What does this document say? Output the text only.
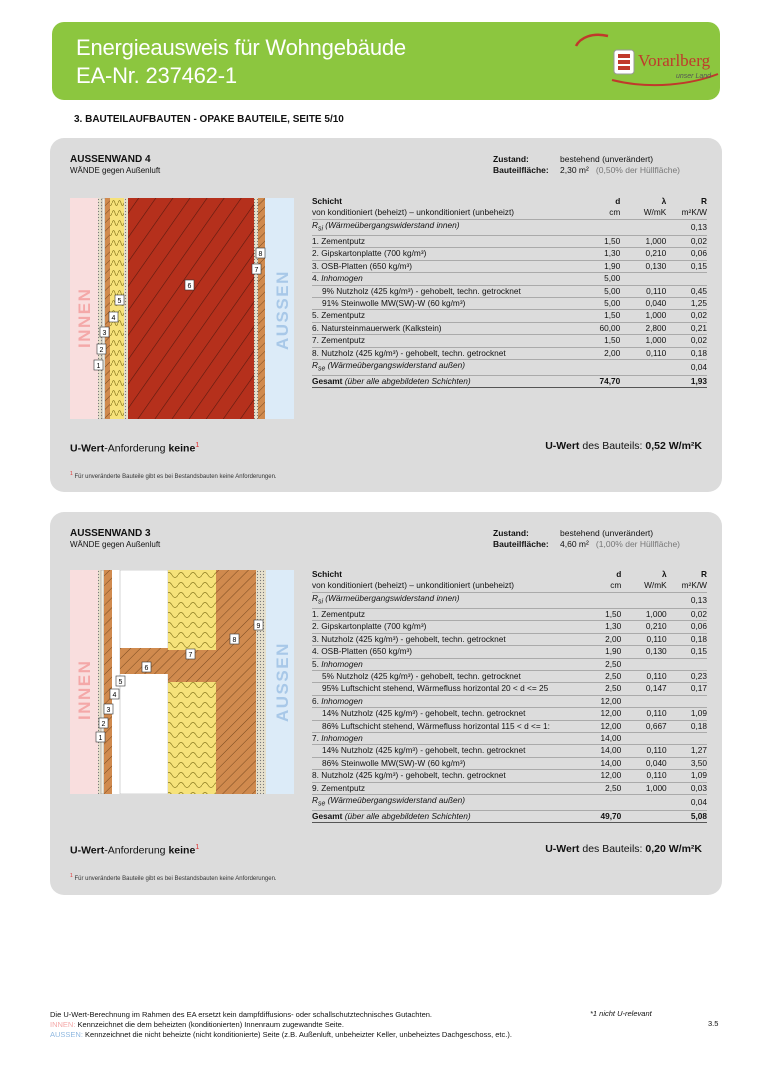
Energieausweis für Wohngebäude
EA-Nr. 237462-1
Vorarlberg
unser Land
3. BAUTEILAUFBAUTEN - OPAKE BAUTEILE, SEITE 5/10
AUSSENWAND 4
WÄNDE gegen Außenluft
Zustand:	bestehend (unverändert)
Bauteilfläche: 2,30 m² (0,50% der Hüllfläche)
INNEN	AUSSEN
1
2
3
4
5
6
7
8
Schicht	d	λ	R
von konditioniert (beheizt) – unkonditioniert (unbeheizt)	cm	W/mK	m²K/W
$R_{si}$ (Wärmeübergangswiderstand innen)			0,13
1. Zementputz	1,50	1,000	0,02
2. Gipskartonplatte (700 kg/m³)	1,30	0,210	0,06
3. OSB-Platten (650 kg/m³)	1,90	0,130	0,15
4. Inhomogen	5,00		
9% Nutzholz (425 kg/m³) - gehobelt, techn. getrocknet	5,00	0,110	0,45
91% Steinwolle MW(SW)-W (60 kg/m³)	5,00	0,040	1,25
5. Zementputz	1,50	1,000	0,02
6. Natursteinmauerwerk (Kalkstein)	60,00	2,800	0,21
7. Zementputz	1,50	1,000	0,02
8. Nutzholz (425 kg/m³) - gehobelt, techn. getrocknet	2,00	0,110	0,18
$R_{se}$ (Wärmeübergangswiderstand außen)			0,04
Gesamt (über alle abgebildeten Schichten)	74,70		1,93
U-Wert-Anforderung keine$^1$	U-Wert des Bauteils: 0,52 W/m²K
$^1$ Für unveränderte Bauteile gibt es bei Bestandsbauten keine Anforderungen.
AUSSENWAND 3
WÄNDE gegen Außenluft
Zustand:	bestehend (unverändert)
Bauteilfläche: 4,60 m² (1,00% der Hüllfläche)
INNEN	AUSSEN
1
2
3
4
5
6
7
8
9
Schicht	d	λ	R
von konditioniert (beheizt) – unkonditioniert (unbeheizt)	cm	W/mK	m²K/W
$R_{si}$ (Wärmeübergangswiderstand innen)			0,13
1. Zementputz	1,50	1,000	0,02
2. Gipskartonplatte (700 kg/m³)	1,30	0,210	0,06
3. Nutzholz (425 kg/m³) - gehobelt, techn. getrocknet	2,00	0,110	0,18
4. OSB-Platten (650 kg/m³)	1,90	0,130	0,15
5. Inhomogen	2,50		
5% Nutzholz (425 kg/m³) - gehobelt, techn. getrocknet	2,50	0,110	0,23
95% Luftschicht stehend, Wärmefluss horizontal 20 < d <= 25	2,50	0,147	0,17
6. Inhomogen	12,00		
14% Nutzholz (425 kg/m³) - gehobelt, techn. getrocknet	12,00	0,110	1,09
86% Luftschicht stehend, Wärmefluss horizontal 115 < d <= 1:	12,00	0,667	0,18
7. Inhomogen	14,00		
14% Nutzholz (425 kg/m³) - gehobelt, techn. getrocknet	14,00	0,110	1,27
86% Steinwolle MW(SW)-W (60 kg/m³)	14,00	0,040	3,50
8. Nutzholz (425 kg/m³) - gehobelt, techn. getrocknet	12,00	0,110	1,09
9. Zementputz	2,50	1,000	0,03
$R_{se}$ (Wärmeübergangswiderstand außen)			0,04
Gesamt (über alle abgebildeten Schichten)	49,70		5,08
U-Wert-Anforderung keine$^1$	U-Wert des Bauteils: 0,20 W/m²K
$^1$ Für unveränderte Bauteile gibt es bei Bestandsbauten keine Anforderungen.
Die U-Wert-Berechnung im Rahmen des EA ersetzt kein dampfdiffusions- oder schallschutztechnisches Gutachten.	*1 nicht U-relevant
INNEN: Kennzeichnet die dem beheizten (konditionierten) Innenraum zugewandte Seite.
AUSSEN: Kennzeichnet die nicht beheizte (nicht konditionierte) Seite (z.B. Außenluft, unbeheizter Keller, unbeheiztes Dachgeschoss, etc.).
3.5
